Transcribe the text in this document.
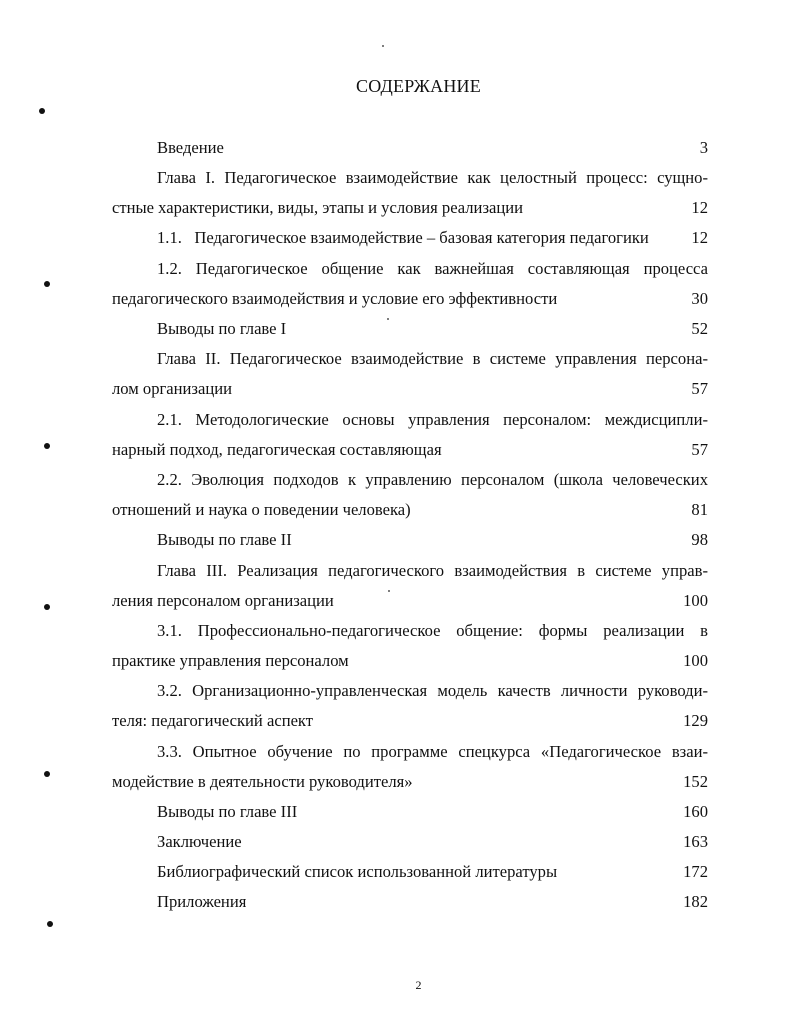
СОДЕРЖАНИЕ
Введение	3
Глава I. Педагогическое взаимодействие как целостный процесс: сущно-
стные характеристики, виды, этапы и условия реализации	12
1.1.   Педагогическое взаимодействие – базовая категория педагогики	12
1.2. Педагогическое общение как важнейшая составляющая процесса
педагогического взаимодействия и условие его эффективности	30
Выводы по главе I	52
Глава II. Педагогическое взаимодействие в системе управления персона-
лом организации	57
2.1. Методологические основы управления персоналом: междисципли-
нарный подход, педагогическая составляющая	57
2.2. Эволюция подходов к управлению персоналом (школа человеческих
отношений и наука о поведении человека)	81
Выводы по главе II	98
Глава III. Реализация педагогического взаимодействия в системе управ-
ления персоналом организации	100
3.1. Профессионально-педагогическое общение: формы реализации в
практике управления персоналом	100
3.2. Организационно-управленческая модель качеств личности руководи-
теля: педагогический аспект	129
3.3. Опытное обучение по программе спецкурса «Педагогическое взаи-
модействие в деятельности руководителя»	152
Выводы по главе III	160
Заключение	163
Библиографический список использованной литературы	172
Приложения	182
2
